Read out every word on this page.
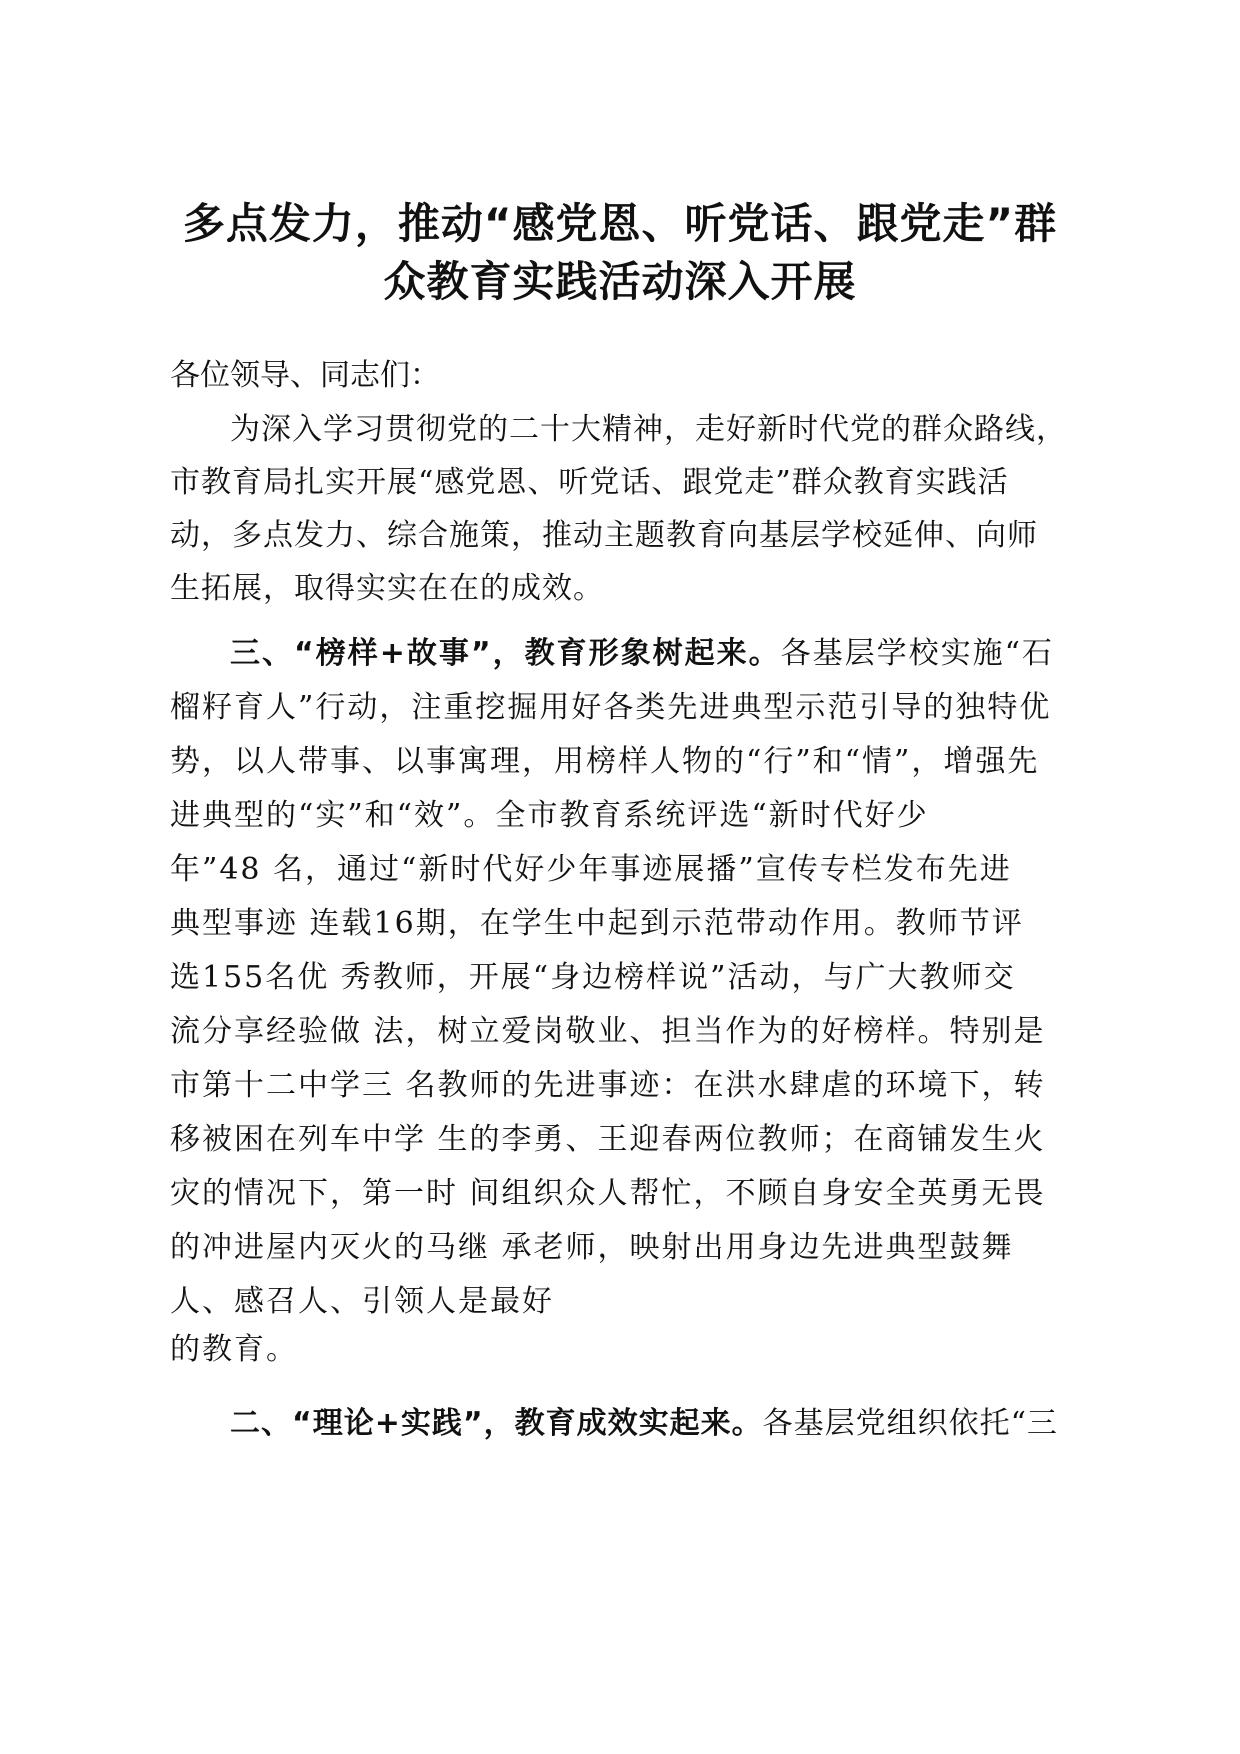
多点发力，推动“感党恩、听党话、跟党走”群
众教育实践活动深入开展
各位领导、同志们：
为深入学习贯彻党的二十大精神，走好新时代党的群众路线，
市教育局扎实开展“感党恩、听党话、跟党走”群众教育实践活
动，多点发力、综合施策，推动主题教育向基层学校延伸、向师
生拓展，取得实实在在的成效。
三、“榜样+故事”，教育形象树起来。各基层学校实施“石
榴籽育人”行动，注重挖掘用好各类先进典型示范引导的独特优
势，以人带事、以事寓理，用榜样人物的“行”和“情”，增强先
进典型的“实”和“效”。全市教育系统评选“新时代好少
年”48 名，通过“新时代好少年事迹展播”宣传专栏发布先进
典型事迹 连载16期，在学生中起到示范带动作用。教师节评
选155名优 秀教师，开展“身边榜样说”活动，与广大教师交
流分享经验做 法，树立爱岗敬业、担当作为的好榜样。特别是
市第十二中学三 名教师的先进事迹：在洪水肆虐的环境下，转
移被困在列车中学 生的李勇、王迎春两位教师；在商铺发生火
灾的情况下，第一时 间组织众人帮忙，不顾自身安全英勇无畏
的冲进屋内灭火的马继 承老师，映射出用身边先进典型鼓舞
人、感召人、引领人是最好
的教育。
二、“理论+实践”，教育成效实起来。各基层党组织依托“三
